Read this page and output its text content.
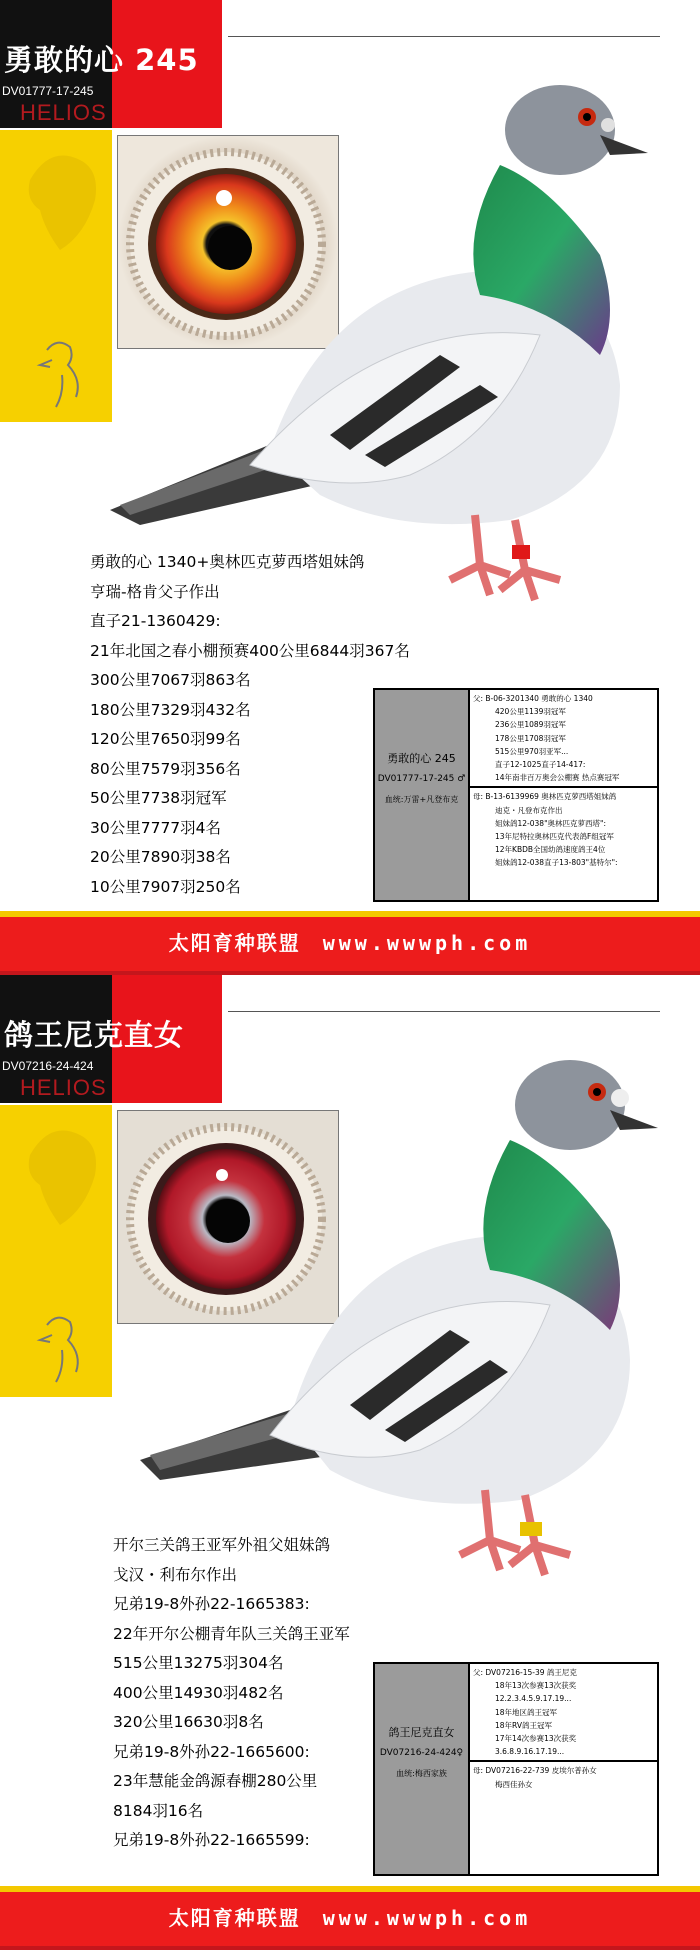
勇敢的心 245
DV01777-17-245
HELIOS
勇敢的心 1340+奥林匹克萝西塔姐妹鸽
亨瑞-格肯父子作出
直子21-1360429:
21年北国之春小棚预赛400公里6844羽367名
300公里7067羽863名
180公里7329羽432名
120公里7650羽99名
80公里7579羽356名
50公里7738羽冠军
30公里7777羽4名
20公里7890羽38名
10公里7907羽250名
勇敢的心 245
DV01777-17-245 ♂
血统:万雷+凡登布克
父: B-06-3201340 勇敢的心 1340
420公里1139羽冠军
236公里1089羽冠军
178公里1708羽冠军
515公里970羽亚军...
直子12-1025直子14-417:
14年南非百万奥会公棚赛 热点赛冠军
母: B-13-6139969 奥林匹克萝西塔姐妹鸽
迪克・凡登布克作出
姐妹鸽12-038"奥林匹克萝西塔":
13年尼特拉奥林匹克代表鸽F组冠军
12年KBDB全国幼鸽速度鸽王4位
姐妹鸽12-038直子13-803"基特尔":
太阳育种联盟 www.wwwph.com
鸽王尼克直女
DV07216-24-424
HELIOS
开尔三关鸽王亚军外祖父姐妹鸽
戈汉・利布尔作出
兄弟19-8外孙22-1665383:
22年开尔公棚青年队三关鸽王亚军
515公里13275羽304名
400公里14930羽482名
320公里16630羽8名
兄弟19-8外孙22-1665600:
23年慧能金鸽源春棚280公里
8184羽16名
兄弟19-8外孙22-1665599:
鸽王尼克直女
DV07216-24-424♀
血统:梅西家族
父: DV07216-15-39 鸽王尼克
18年13次参赛13次获奖
12.2.3.4.5.9.17.19...
18年地区鸽王冠军
18年RV鸽王冠军
17年14次参赛13次获奖
3.6.8.9.16.17.19...
母: DV07216-22-739 皮埃尔普孙女
梅西佳孙女
太阳育种联盟 www.wwwph.com
